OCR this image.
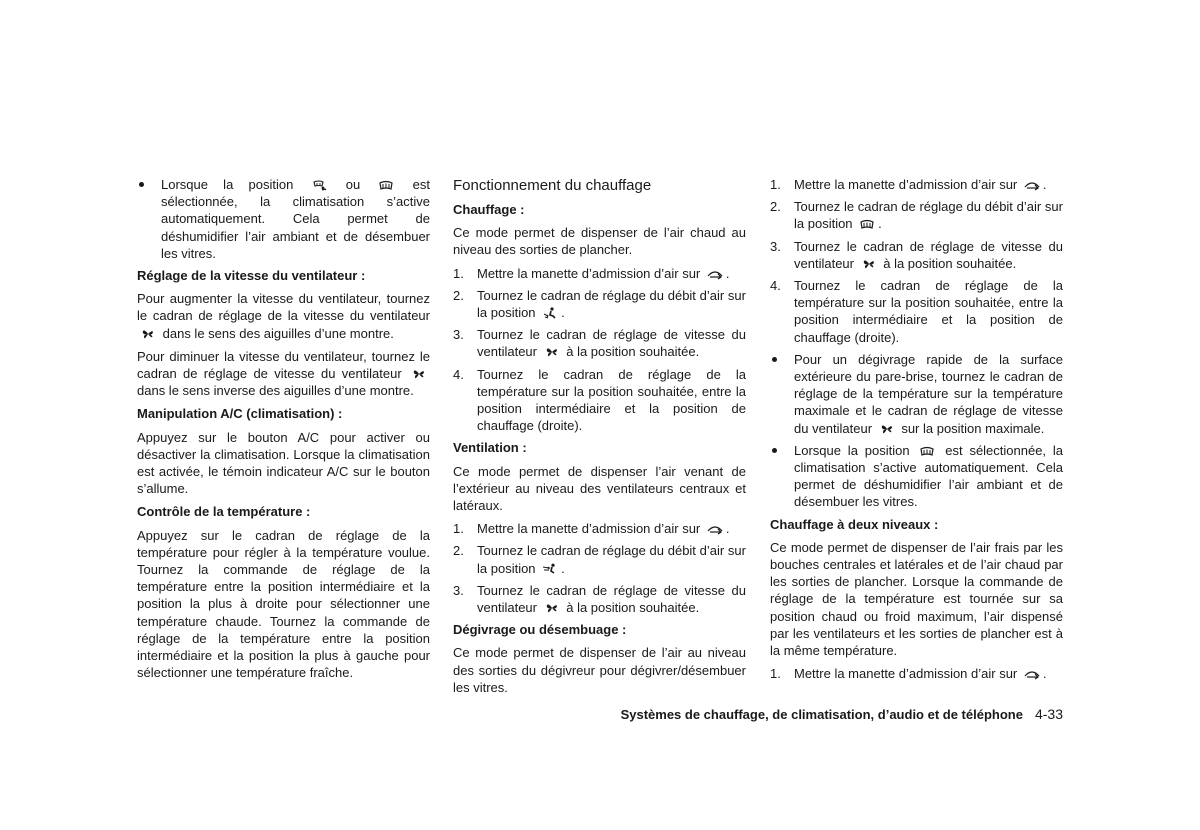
Lorsque la position	ou	est sélectionnée, la climatisation s’active automatiquement. Cela permet de déshumidifier l’air ambiant et de désembuer les vitres.

Réglage de la vitesse du ventilateur :

Pour augmenter la vitesse du ventilateur, tournez le cadran de réglage de la vitesse du ventilateur
dans le sens des aiguilles d’une montre.

Pour diminuer la vitesse du ventilateur, tournez le cadran de réglage de vitesse du ventilateur
dans le sens inverse des aiguilles d’une montre.

Manipulation A/C (climatisation) :

Appuyez sur le bouton A/C pour activer ou désactiver la climatisation. Lorsque la climatisation est activée, le témoin indicateur A/C sur le bouton s’allume.

Contrôle de la température :

Appuyez sur le cadran de réglage de la température pour régler à la température voulue. Tournez la commande de réglage de la température entre la position intermédiaire et la position la plus à droite pour sélectionner une température chaude. Tournez la commande de réglage de la température entre la position intermédiaire et la position la plus à gauche pour sélectionner une température fraîche.

Fonctionnement du chauffage

Chauffage :

Ce mode permet de dispenser de l’air chaud au niveau des sorties de plancher.

1.	Mettre la manette d’admission d’air sur .
2.	Tournez le cadran de réglage du débit d’air sur la position .
3.	Tournez le cadran de réglage de vitesse du ventilateur à la position souhaitée.
4.	Tournez le cadran de réglage de la température sur la position souhaitée, entre la position intermédiaire et la position de chauffage (droite).

Ventilation :

Ce mode permet de dispenser l’air venant de l’extérieur au niveau des ventilateurs centraux et latéraux.

1.	Mettre la manette d’admission d’air sur .
2.	Tournez le cadran de réglage du débit d’air sur la position .
3.	Tournez le cadran de réglage de vitesse du ventilateur à la position souhaitée.

Dégivrage ou désembuage :

Ce mode permet de dispenser de l’air au niveau des sorties du dégivreur pour dégivrer/désembuer les vitres.

1.	Mettre la manette d’admission d’air sur .
2.	Tournez le cadran de réglage du débit d’air sur la position .
3.	Tournez le cadran de réglage de vitesse du ventilateur à la position souhaitée.
4.	Tournez le cadran de réglage de la température sur la position souhaitée, entre la position intermédiaire et la position de chauffage (droite).
Pour un dégivrage rapide de la surface extérieure du pare-brise, tournez le cadran de réglage de la température sur la température maximale et le cadran de réglage de vitesse du ventilateur sur la position maximale.
Lorsque la position	est sélectionnée, la climatisation s’active automatiquement. Cela permet de déshumidifier l’air ambiant et de désembuer les vitres.

Chauffage à deux niveaux :

Ce mode permet de dispenser de l’air frais par les bouches centrales et latérales et de l’air chaud par les sorties de plancher. Lorsque la commande de réglage de la température est tournée sur sa position chaud ou froid maximum, l’air dispensé par les ventilateurs et les sorties de plancher est à la même température.

1.	Mettre la manette d’admission d’air sur .
Systèmes de chauffage, de climatisation, d’audio et de téléphone 4-33
